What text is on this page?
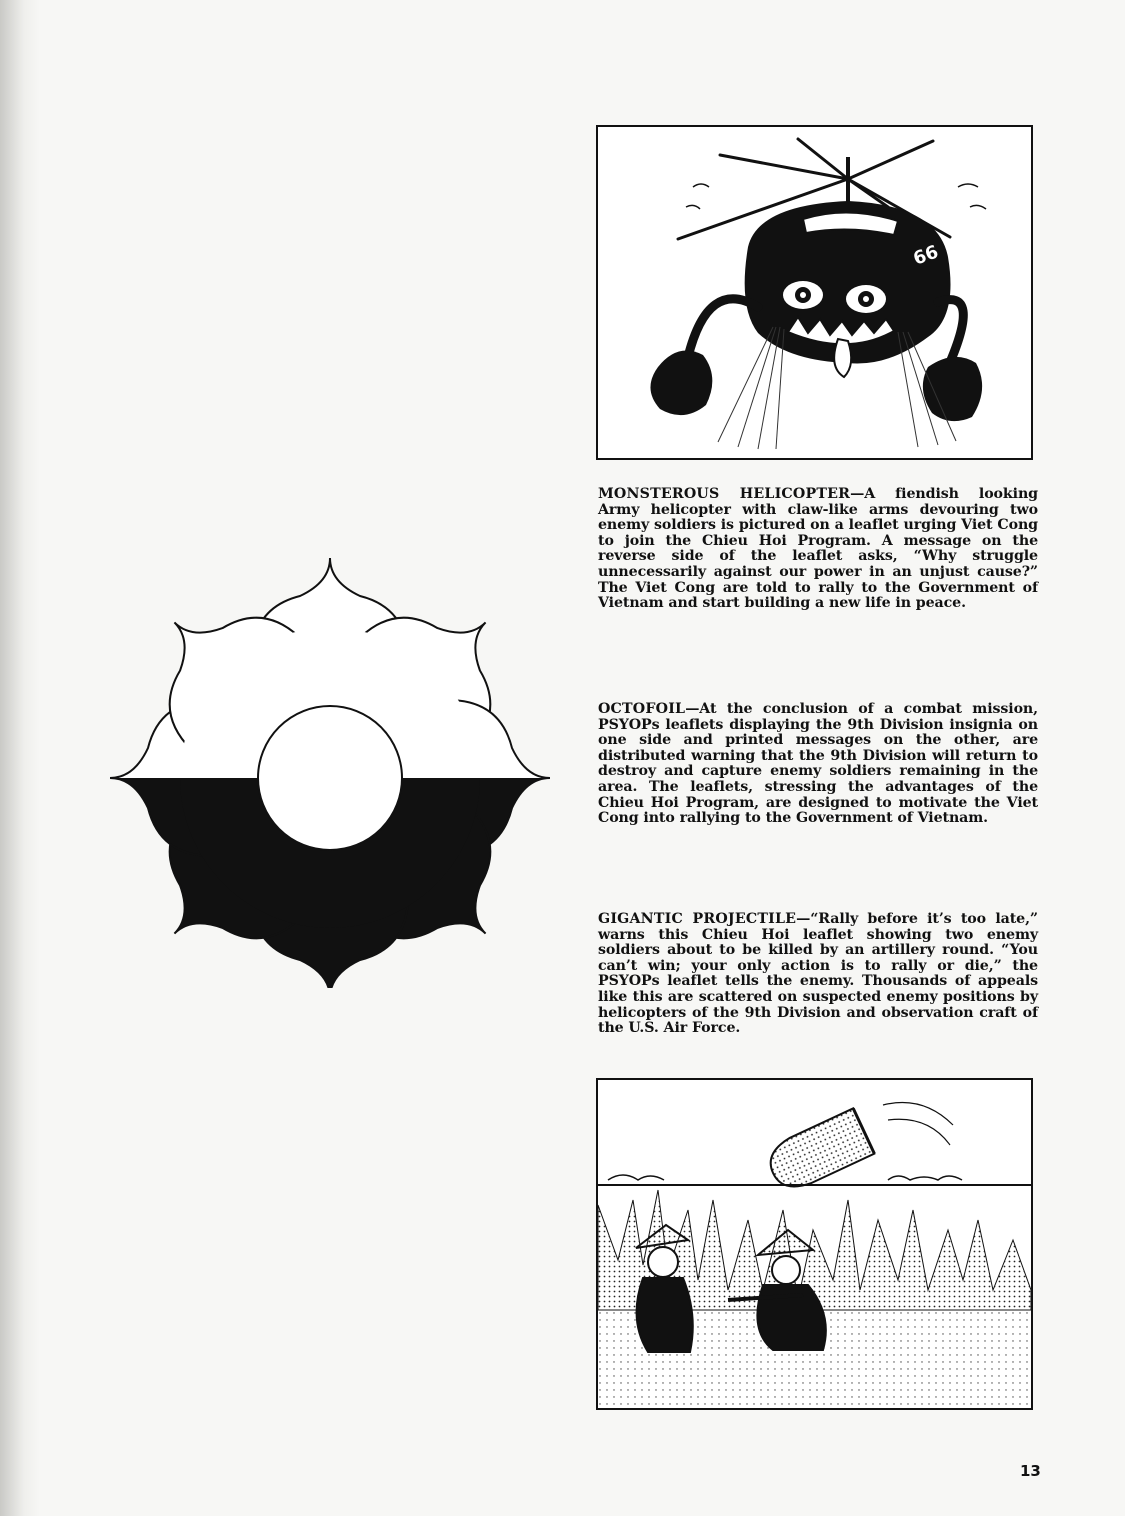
66
MONSTEROUS HELICOPTER—A fiendish looking Army helicopter with claw-like arms devouring two enemy soldiers is pictured on a leaflet urging Viet Cong to join the Chieu Hoi Program. A message on the reverse side of the leaflet asks, “Why struggle unnecessarily against our power in an unjust cause?” The Viet Cong are told to rally to the Government of Vietnam and start building a new life in peace.
OCTOFOIL—At the conclusion of a combat mission, PSYOPs leaflets displaying the 9th Division insignia on one side and printed messages on the other, are distributed warning that the 9th Division will return to destroy and capture enemy soldiers remaining in the area. The leaflets, stressing the advantages of the Chieu Hoi Program, are designed to motivate the Viet Cong into rallying to the Government of Vietnam.
GIGANTIC PROJECTILE—“Rally before it’s too late,” warns this Chieu Hoi leaflet showing two enemy soldiers about to be killed by an artillery round. “You can’t win; your only action is to rally or die,” the PSYOPs leaflet tells the enemy. Thousands of appeals like this are scattered on suspected enemy positions by helicopters of the 9th Division and observation craft of the U.S. Air Force.
13
